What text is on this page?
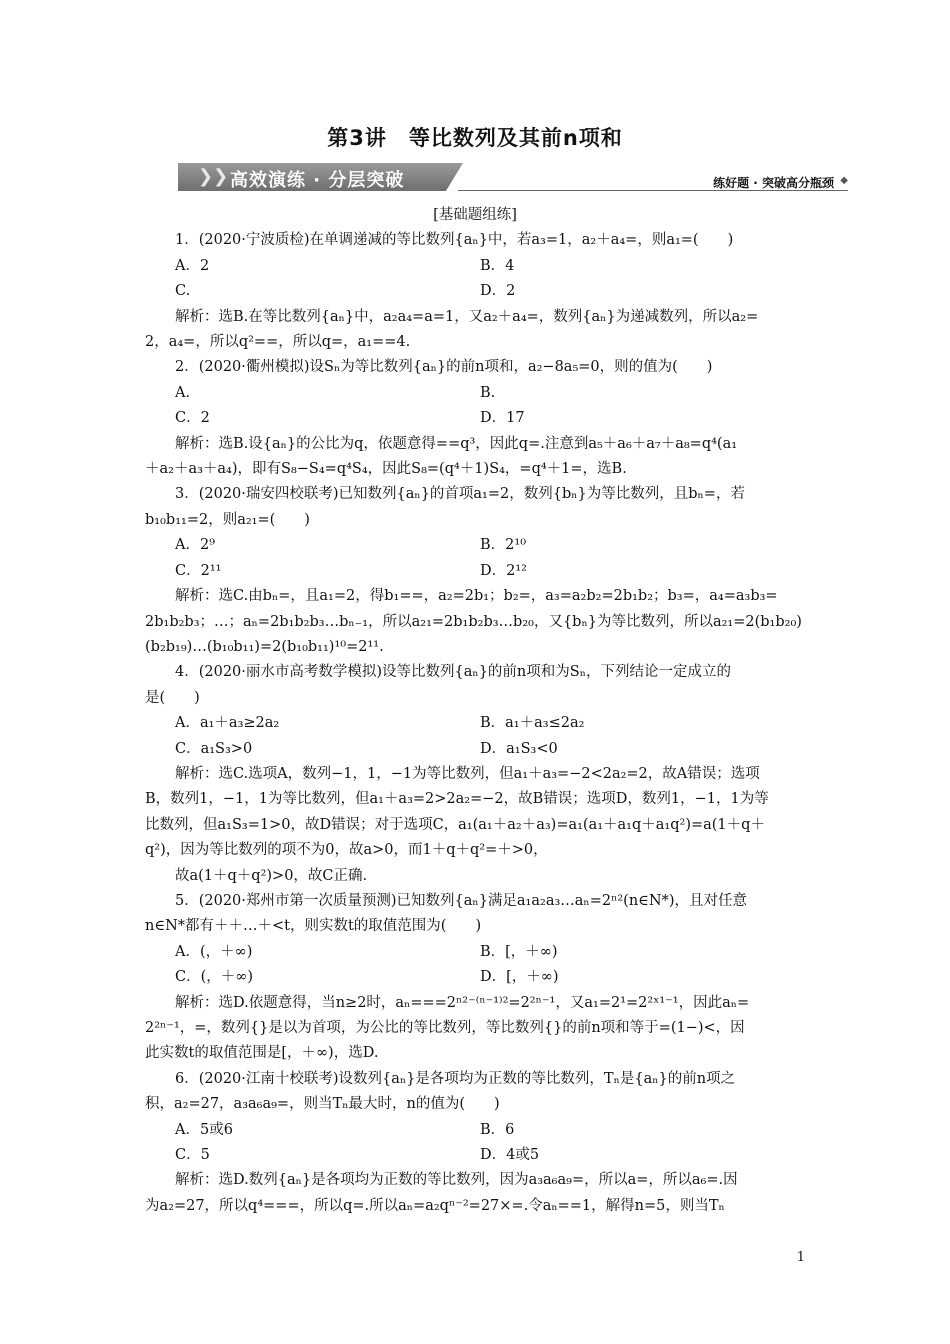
第3讲　等比数列及其前n项和
❯❯ 高效演练 · 分层突破	练好题 · 突破高分瓶颈 ◆

[基础题组练]

1．(2020·宁波质检)在单调递减的等比数列{aₙ}中，若a₃=1，a₂＋a₄=，则a₁=(　　)

A．2	B．4
C.	D．2

解析：选B.在等比数列{aₙ}中，a₂a₄=a=1，又a₂＋a₄=，数列{aₙ}为递减数列，所以a₂=

2，a₄=，所以q²==，所以q=，a₁==4.

2．(2020·衢州模拟)设Sₙ为等比数列{aₙ}的前n项和，a₂−8a₅=0，则的值为(　　)

A.	B.
C．2	D．17

解析：选B.设{aₙ}的公比为q，依题意得==q³，因此q=.注意到a₅＋a₆＋a₇＋a₈=q⁴(a₁

＋a₂＋a₃＋a₄)，即有S₈−S₄=q⁴S₄，因此S₈=(q⁴＋1)S₄，=q⁴＋1=，选B.

3．(2020·瑞安四校联考)已知数列{aₙ}的首项a₁=2，数列{bₙ}为等比数列，且bₙ=，若

b₁₀b₁₁=2，则a₂₁=(　　)

A．2⁹	B．2¹⁰
C．2¹¹	D．2¹²

解析：选C.由bₙ=，且a₁=2，得b₁==，a₂=2b₁；b₂=，a₃=a₂b₂=2b₁b₂；b₃=，a₄=a₃b₃=

2b₁b₂b₃；…；aₙ=2b₁b₂b₃…bₙ₋₁，所以a₂₁=2b₁b₂b₃…b₂₀，又{bₙ}为等比数列，所以a₂₁=2(b₁b₂₀)

(b₂b₁₉)…(b₁₀b₁₁)=2(b₁₀b₁₁)¹⁰=2¹¹.

4．(2020·丽水市高考数学模拟)设等比数列{aₙ}的前n项和为Sₙ，下列结论一定成立的

是(　　)

A．a₁＋a₃≥2a₂	B．a₁＋a₃≤2a₂
C．a₁S₃>0	D．a₁S₃<0

解析：选C.选项A，数列−1，1，−1为等比数列，但a₁＋a₃=−2<2a₂=2，故A错误；选项

B，数列1，−1，1为等比数列，但a₁＋a₃=2>2a₂=−2，故B错误；选项D，数列1，−1，1为等

比数列，但a₁S₃=1>0，故D错误；对于选项C，a₁(a₁＋a₂＋a₃)=a₁(a₁＋a₁q＋a₁q²)=a(1＋q＋

q²)，因为等比数列的项不为0，故a>0，而1＋q＋q²=＋>0，

故a(1＋q＋q²)>0，故C正确.

5．(2020·郑州市第一次质量预测)已知数列{aₙ}满足a₁a₂a₃…aₙ=2ⁿ²(n∈N*)，且对任意

n∈N*都有＋＋…＋<t，则实数t的取值范围为(　　)

A．(，＋∞)	B．[，＋∞)
C．(，＋∞)	D．[，＋∞)

解析：选D.依题意得，当n≥2时，aₙ===2ⁿ²⁻⁽ⁿ⁻¹⁾²=2²ⁿ⁻¹，又a₁=2¹=2²ˣ¹⁻¹，因此aₙ=

2²ⁿ⁻¹，=，数列{}是以为首项，为公比的等比数列，等比数列{}的前n项和等于=(1−)<，因

此实数t的取值范围是[，＋∞)，选D.

6．(2020·江南十校联考)设数列{aₙ}是各项均为正数的等比数列，Tₙ是{aₙ}的前n项之

积，a₂=27，a₃a₆a₉=，则当Tₙ最大时，n的值为(　　)

A．5或6	B．6
C．5	D．4或5

解析：选D.数列{aₙ}是各项均为正数的等比数列，因为a₃a₆a₉=，所以a=，所以a₆=.因

为a₂=27，所以q⁴===，所以q=.所以aₙ=a₂qⁿ⁻²=27×=.令aₙ==1，解得n=5，则当Tₙ

1
